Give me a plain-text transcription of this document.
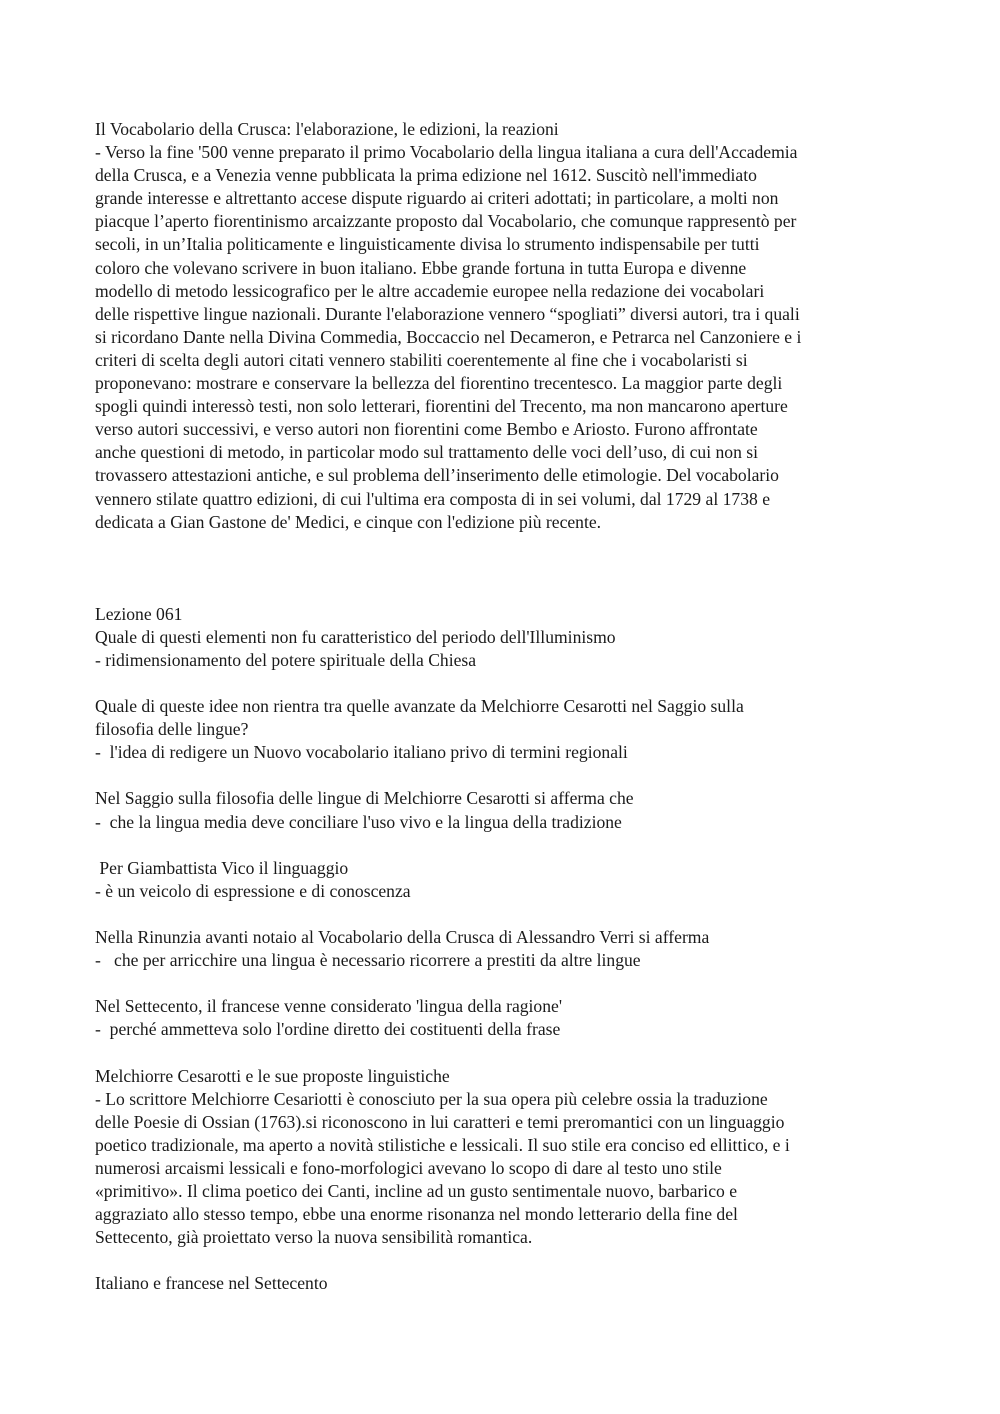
Il Vocabolario della Crusca: l'elaborazione, le edizioni, la reazioni
- Verso la fine '500 venne preparato il primo Vocabolario della lingua italiana a cura dell'Accademia
della Crusca, e a Venezia venne pubblicata la prima edizione nel 1612. Suscitò nell'immediato
grande interesse e altrettanto accese dispute riguardo ai criteri adottati; in particolare, a molti non
piacque l’aperto fiorentinismo arcaizzante proposto dal Vocabolario, che comunque rappresentò per
secoli, in un’Italia politicamente e linguisticamente divisa lo strumento indispensabile per tutti
coloro che volevano scrivere in buon italiano. Ebbe grande fortuna in tutta Europa e divenne
modello di metodo lessicografico per le altre accademie europee nella redazione dei vocabolari
delle rispettive lingue nazionali. Durante l'elaborazione vennero “spogliati” diversi autori, tra i quali
si ricordano Dante nella Divina Commedia, Boccaccio nel Decameron, e Petrarca nel Canzoniere e i
criteri di scelta degli autori citati vennero stabiliti coerentemente al fine che i vocabolaristi si
proponevano: mostrare e conservare la bellezza del fiorentino trecentesco. La maggior parte degli
spogli quindi interessò testi, non solo letterari, fiorentini del Trecento, ma non mancarono aperture
verso autori successivi, e verso autori non fiorentini come Bembo e Ariosto. Furono affrontate
anche questioni di metodo, in particolar modo sul trattamento delle voci dell’uso, di cui non si
trovassero attestazioni antiche, e sul problema dell’inserimento delle etimologie. Del vocabolario
vennero stilate quattro edizioni, di cui l'ultima era composta di in sei volumi, dal 1729 al 1738 e
dedicata a Gian Gastone de' Medici, e cinque con l'edizione più recente.
Lezione 061
Quale di questi elementi non fu caratteristico del periodo dell'Illuminismo
- ridimensionamento del potere spirituale della Chiesa
Quale di queste idee non rientra tra quelle avanzate da Melchiorre Cesarotti nel Saggio sulla
filosofia delle lingue?
-  l'idea di redigere un Nuovo vocabolario italiano privo di termini regionali
Nel Saggio sulla filosofia delle lingue di Melchiorre Cesarotti si afferma che
-  che la lingua media deve conciliare l'uso vivo e la lingua della tradizione
Per Giambattista Vico il linguaggio
- è un veicolo di espressione e di conoscenza
Nella Rinunzia avanti notaio al Vocabolario della Crusca di Alessandro Verri si afferma
-   che per arricchire una lingua è necessario ricorrere a prestiti da altre lingue
Nel Settecento, il francese venne considerato 'lingua della ragione'
-  perché ammetteva solo l'ordine diretto dei costituenti della frase
Melchiorre Cesarotti e le sue proposte linguistiche
- Lo scrittore Melchiorre Cesariotti è conosciuto per la sua opera più celebre ossia la traduzione
delle Poesie di Ossian (1763).si riconoscono in lui caratteri e temi preromantici con un linguaggio
poetico tradizionale, ma aperto a novità stilistiche e lessicali. Il suo stile era conciso ed ellittico, e i
numerosi arcaismi lessicali e fono-morfologici avevano lo scopo di dare al testo uno stile
«primitivo». Il clima poetico dei Canti, incline ad un gusto sentimentale nuovo, barbarico e
aggraziato allo stesso tempo, ebbe una enorme risonanza nel mondo letterario della fine del
Settecento, già proiettato verso la nuova sensibilità romantica.
Italiano e francese nel Settecento
